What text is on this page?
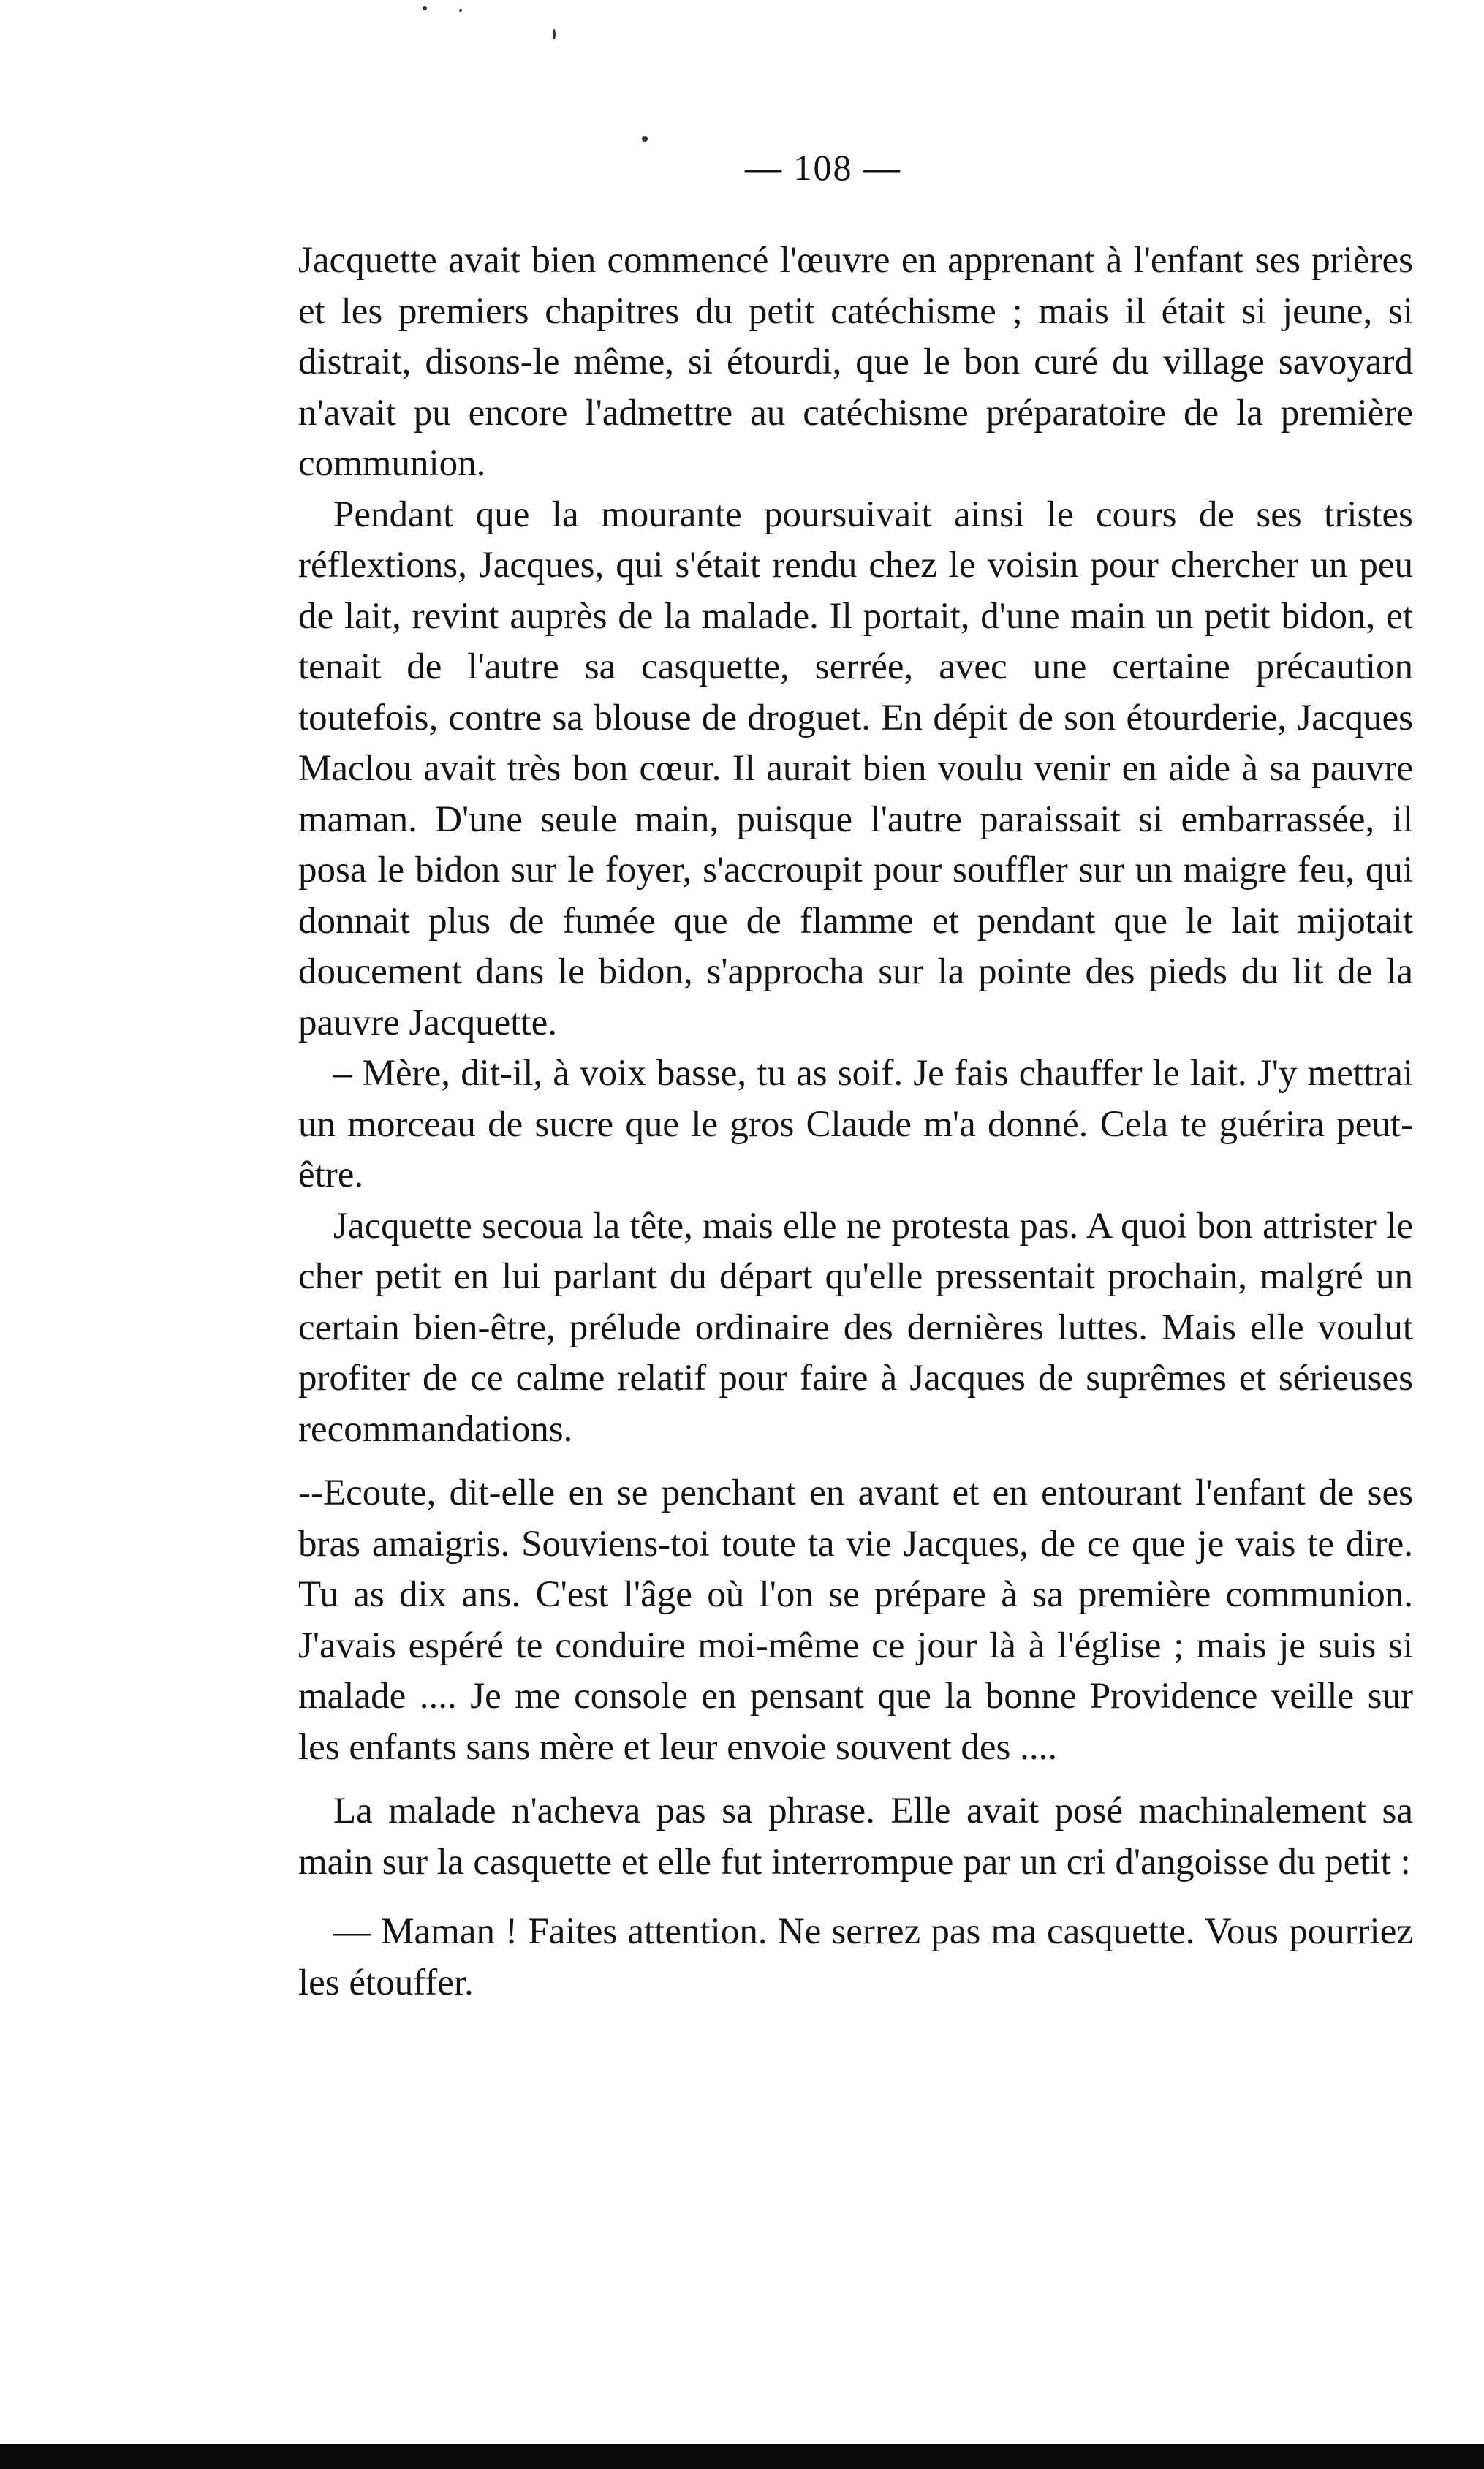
— 108 —

Jacquette avait bien commencé l'œuvre en apprenant à l'enfant ses prières et les premiers chapitres du petit catéchisme ; mais il était si jeune, si distrait, disons-le même, si étourdi, que le bon curé du village savoyard n'avait pu encore l'admettre au catéchisme préparatoire de la première communion.

Pendant que la mourante poursuivait ainsi le cours de ses tristes réflextions, Jacques, qui s'était rendu chez le voisin pour chercher un peu de lait, revint auprès de la malade. Il portait, d'une main un petit bidon, et tenait de l'autre sa casquette, serrée, avec une certaine précaution toutefois, contre sa blouse de droguet. En dépit de son étourderie, Jacques Maclou avait très bon cœur. Il aurait bien voulu venir en aide à sa pauvre maman. D'une seule main, puisque l'autre paraissait si embarrassée, il posa le bidon sur le foyer, s'accroupit pour souffler sur un maigre feu, qui donnait plus de fumée que de flamme et pendant que le lait mijotait doucement dans le bidon, s'approcha sur la pointe des pieds du lit de la pauvre Jacquette.

– Mère, dit-il, à voix basse, tu as soif. Je fais chauffer le lait. J'y mettrai un morceau de sucre que le gros Claude m'a donné. Cela te guérira peut-être.

Jacquette secoua la tête, mais elle ne protesta pas. A quoi bon attrister le cher petit en lui parlant du départ qu'elle pressentait prochain, malgré un certain bien-être, prélude ordinaire des dernières luttes. Mais elle voulut profiter de ce calme relatif pour faire à Jacques de suprêmes et sérieuses recommandations.

--Ecoute, dit-elle en se penchant en avant et en entourant l'enfant de ses bras amaigris. Souviens-toi toute ta vie Jacques, de ce que je vais te dire. Tu as dix ans. C'est l'âge où l'on se prépare à sa première communion. J'avais espéré te conduire moi-même ce jour là à l'église ; mais je suis si malade .... Je me console en pensant que la bonne Providence veille sur les enfants sans mère et leur envoie souvent des ....

La malade n'acheva pas sa phrase. Elle avait posé machinalement sa main sur la casquette et elle fut interrompue par un cri d'angoisse du petit :

— Maman ! Faites attention. Ne serrez pas ma casquette. Vous pourriez les étouffer.
